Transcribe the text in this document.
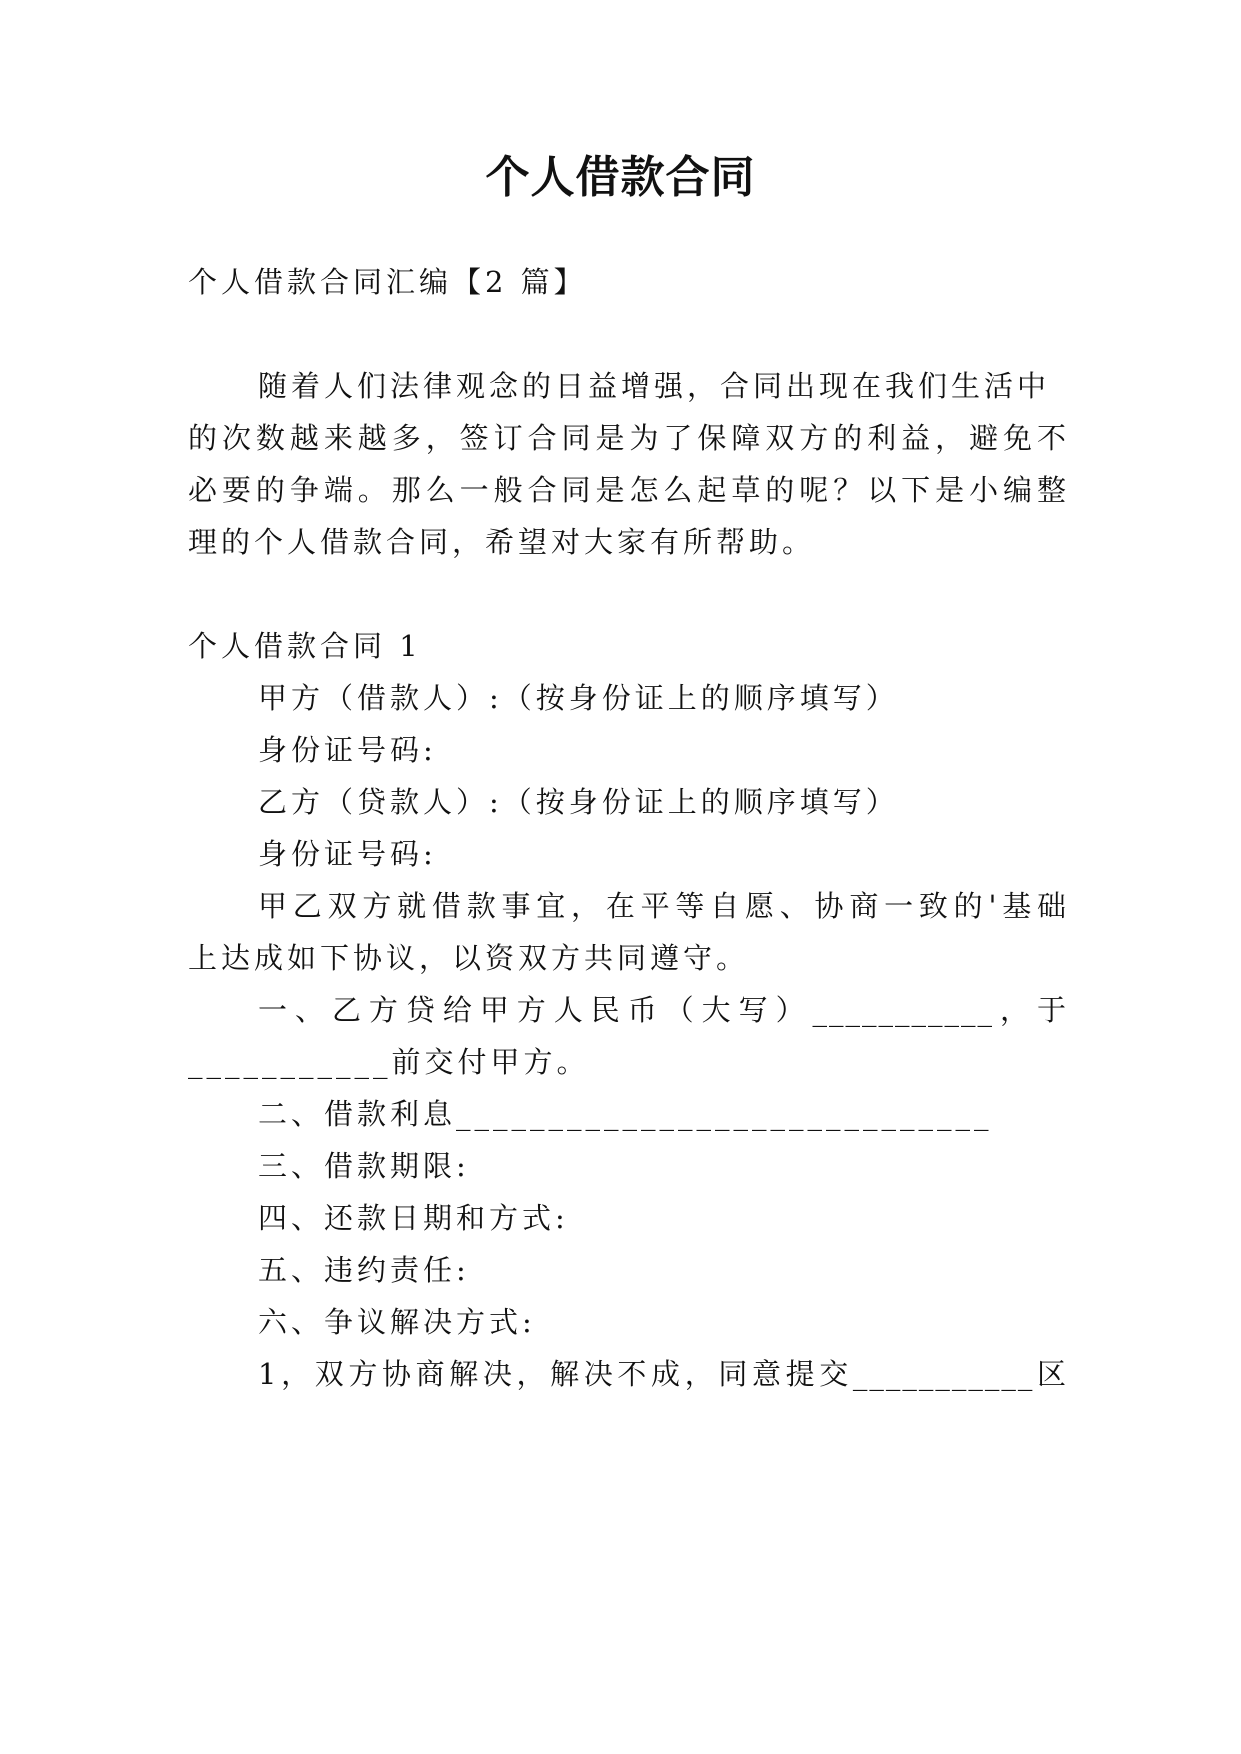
个人借款合同
个人借款合同汇编【2 篇】
随着人们法律观念的日益增强，合同出现在我们生活中
的次数越来越多，签订合同是为了保障双方的利益，避免不
必要的争端。那么一般合同是怎么起草的呢？以下是小编整
理的个人借款合同，希望对大家有所帮助。
个人借款合同 1
甲方（借款人）:（按身份证上的顺序填写）
身份证号码:
乙方（贷款人）:（按身份证上的顺序填写）
身份证号码:
甲乙双方就借款事宜，在平等自愿、协商一致的'基础
上达成如下协议，以资双方共同遵守。
一、乙方贷给甲方人民币（大写）___________，于
___________前交付甲方。
二、借款利息_____________________________
三、借款期限:
四、还款日期和方式:
五、违约责任:
六、争议解决方式:
1，双方协商解决，解决不成，同意提交___________区
